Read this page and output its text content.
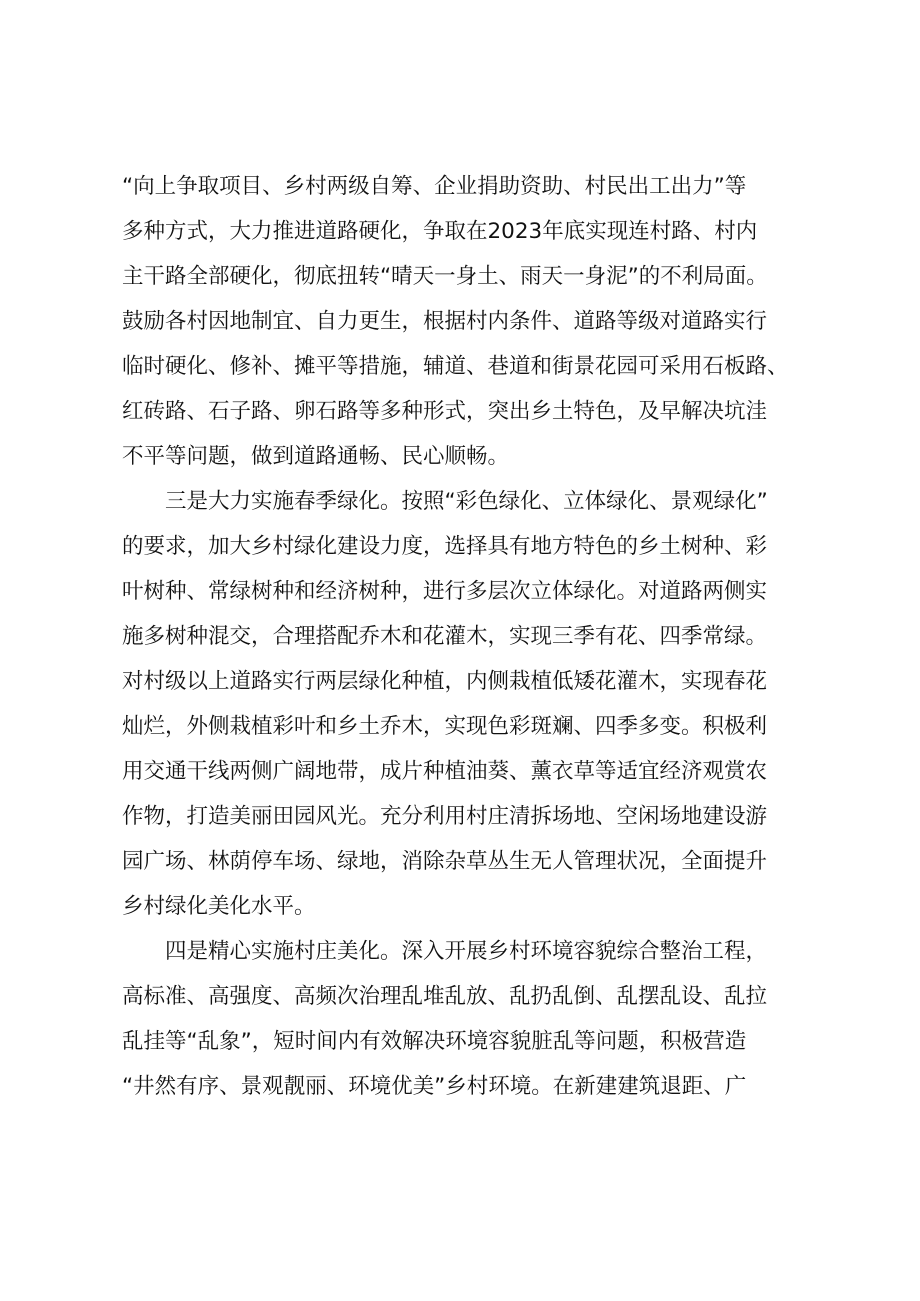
“向上争取项目、乡村两级自筹、企业捐助资助、村民出工出力”等
多种方式，大力推进道路硬化，争取在2023年底实现连村路、村内
主干路全部硬化，彻底扭转“晴天一身土、雨天一身泥”的不利局面。
鼓励各村因地制宜、自力更生，根据村内条件、道路等级对道路实行
临时硬化、修补、摊平等措施，辅道、巷道和街景花园可采用石板路、
红砖路、石子路、卵石路等多种形式，突出乡土特色，及早解决坑洼
不平等问题，做到道路通畅、民心顺畅。
三是大力实施春季绿化。按照“彩色绿化、立体绿化、景观绿化”
的要求，加大乡村绿化建设力度，选择具有地方特色的乡土树种、彩
叶树种、常绿树种和经济树种，进行多层次立体绿化。对道路两侧实
施多树种混交，合理搭配乔木和花灌木，实现三季有花、四季常绿。
对村级以上道路实行两层绿化种植，内侧栽植低矮花灌木，实现春花
灿烂，外侧栽植彩叶和乡土乔木，实现色彩斑斓、四季多变。积极利
用交通干线两侧广阔地带，成片种植油葵、薰衣草等适宜经济观赏农
作物，打造美丽田园风光。充分利用村庄清拆场地、空闲场地建设游
园广场、林荫停车场、绿地，消除杂草丛生无人管理状况，全面提升
乡村绿化美化水平。
四是精心实施村庄美化。深入开展乡村环境容貌综合整治工程，
高标准、高强度、高频次治理乱堆乱放、乱扔乱倒、乱摆乱设、乱拉
乱挂等“乱象”，短时间内有效解决环境容貌脏乱等问题，积极营造
“井然有序、景观靓丽、环境优美”乡村环境。在新建建筑退距、广
